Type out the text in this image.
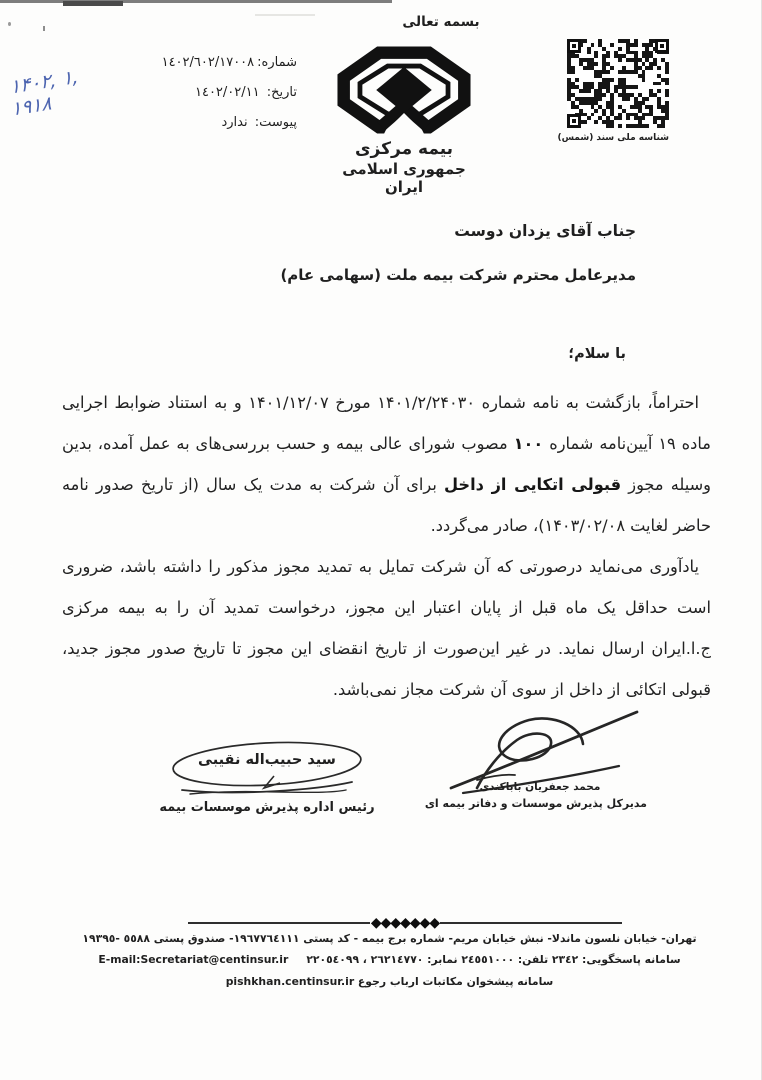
بسمه تعالی
۱۴۰۲, ۱, ۱۹۱۸
شماره:١٤٠٢/٦٠٢/١٧٠٠٨
تاریخ: ١٤٠٢/٠٢/١١
پیوست: ندارد
بیمه مرکزی
جمهوری اسلامی ایران
شناسه ملی سند (شمس)
جناب آقای یزدان دوست
مدیرعامل محترم شرکت بیمه ملت (سهامی عام)
با سلام؛

احتراماً، بازگشت به نامه شماره ۱۴۰۱/۲/۲۴۰۳۰ مورخ ۱۴۰۱/۱۲/۰۷ و به استناد ضوابط اجرایی ماده ۱۹ آیین‌نامه شماره ۱۰۰ مصوب شورای عالی بیمه و حسب بررسی‌های به عمل آمده، بدین وسیله مجوز قبولی اتکایی از داخل برای آن شرکت به مدت یک سال (از تاریخ صدور نامه حاضر لغایت ۱۴۰۳/۰۲/۰۸)، صادر می‌گردد.

یادآوری می‌نماید درصورتی که آن شرکت تمایل به تمدید مجوز مذکور را داشته باشد، ضروری است حداقل یک ماه قبل از پایان اعتبار این مجوز، درخواست تمدید آن را به بیمه مرکزی ج.ا.ایران ارسال نماید. در غیر این‌صورت از تاریخ انقضای این مجوز تا تاریخ صدور مجوز جدید، قبولی اتکائی از داخل از سوی آن شرکت مجاز نمی‌باشد.

محمد جعفریان باباکندی
مدیرکل پذیرش موسسات و دفاتر بیمه ای
سید حبیب‌اله نقیبی
رئیس اداره پذیرش موسسات بیمه
◆◆◆◆◆◆◆
تهران- خیابان نلسون ماندلا- نبش خیابان مریم- شماره برج بیمه - کد پستی ١٩٦٧٧٦٤١١١- صندوق پستی ٥٥٨٨ -١٩٣٩٥
سامانه پاسخگویی: ٢٣٤٢ تلفن: ٢٤٥٥١٠٠٠ نمابر: ٢٦٢١٤٧٧٠ ، ٢٢٠٥٤٠٩٩
E-mail:Secretariat@centinsur.ir
سامانه پیشخوان مکاتبات ارباب رجوع pishkhan.centinsur.ir
